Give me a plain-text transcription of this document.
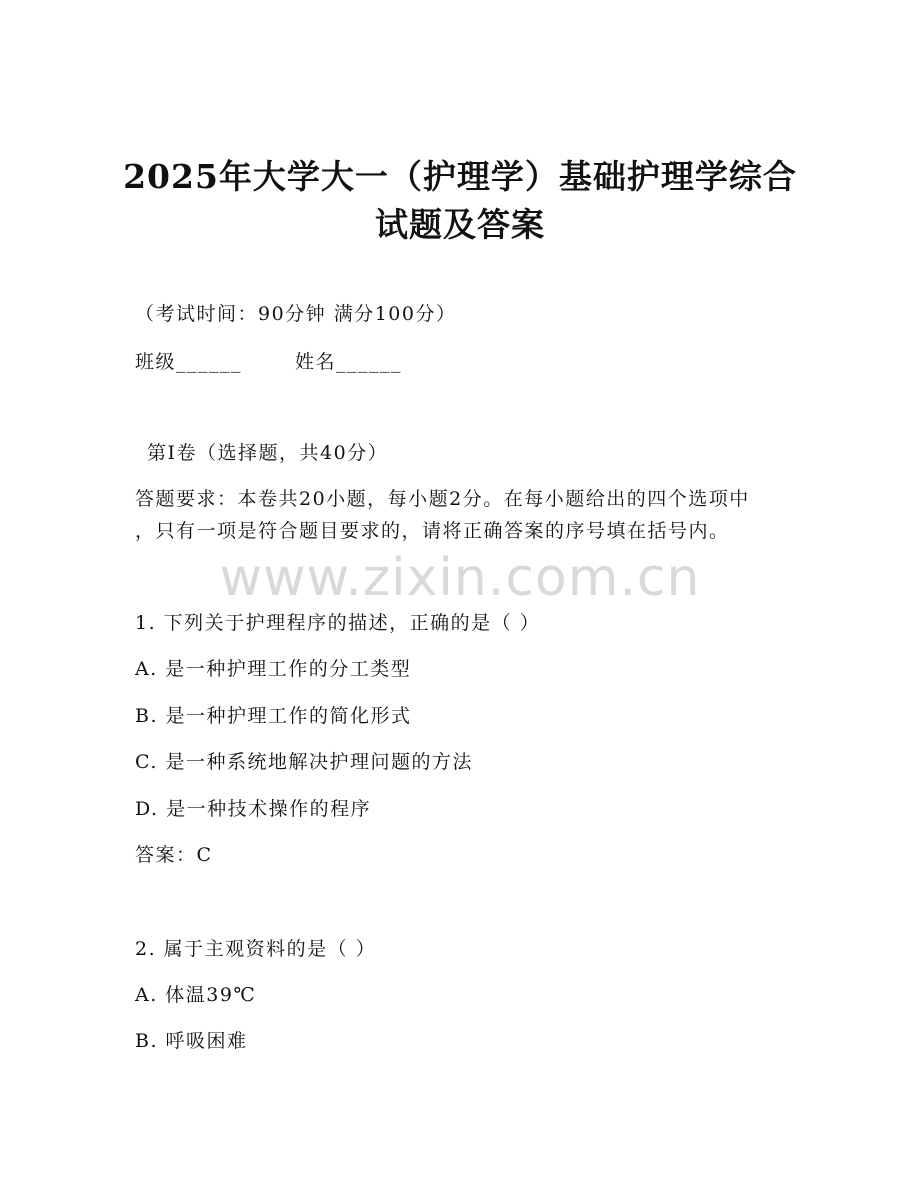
2025年大学大一（护理学）基础护理学综合
试题及答案
（考试时间：90分钟 满分100分）
班级______	姓名______
第I卷（选择题，共40分）
答题要求：本卷共20小题，每小题2分。在每小题给出的四个选项中
，只有一项是符合题目要求的，请将正确答案的序号填在括号内。
www.zixin.com.cn
1. 下列关于护理程序的描述，正确的是（ ）
A. 是一种护理工作的分工类型
B. 是一种护理工作的简化形式
C. 是一种系统地解决护理问题的方法
D. 是一种技术操作的程序
答案：C
2. 属于主观资料的是（ ）
A. 体温39℃
B. 呼吸困难
